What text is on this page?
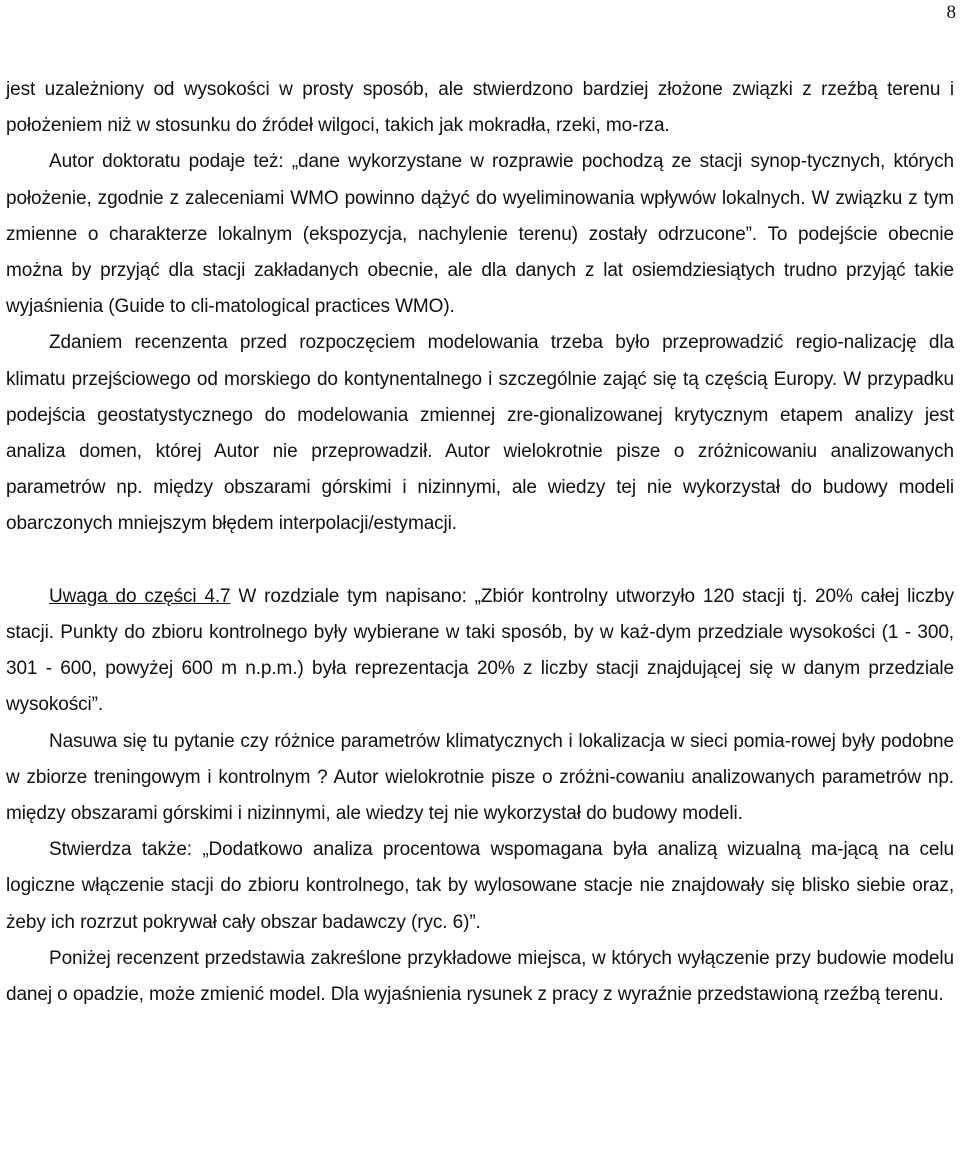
8

jest uzależniony od wysokości w prosty sposób, ale stwierdzono bardziej złożone związki z rzeźbą terenu i położeniem niż w stosunku do źródeł wilgoci, takich jak mokradła, rzeki, mo-rza.

Autor doktoratu podaje też: „dane wykorzystane w rozprawie pochodzą ze stacji synop-tycznych, których położenie, zgodnie z zaleceniami WMO powinno dążyć do wyeliminowania wpływów lokalnych. W związku z tym zmienne o charakterze lokalnym (ekspozycja, nachylenie terenu) zostały odrzucone”. To podejście obecnie można by przyjąć dla stacji zakładanych obecnie, ale dla danych z lat osiemdziesiątych trudno przyjąć takie wyjaśnienia (Guide to cli-matological practices WMO).

Zdaniem recenzenta przed rozpoczęciem modelowania trzeba było przeprowadzić regio-nalizację dla klimatu przejściowego od morskiego do kontynentalnego i szczególnie zająć się tą częścią Europy. W przypadku podejścia geostatystycznego do modelowania zmiennej zre-gionalizowanej krytycznym etapem analizy jest analiza domen, której Autor nie przeprowadził. Autor wielokrotnie pisze o zróżnicowaniu analizowanych parametrów np. między obszarami górskimi i nizinnymi, ale wiedzy tej nie wykorzystał do budowy modeli obarczonych mniejszym błędem interpolacji/estymacji.

Uwaga do części 4.7 W rozdziale tym napisano: „Zbiór kontrolny utworzyło 120 stacji tj. 20% całej liczby stacji. Punkty do zbioru kontrolnego były wybierane w taki sposób, by w każ-dym przedziale wysokości (1 - 300, 301 - 600, powyżej 600 m n.p.m.) była reprezentacja 20% z liczby stacji znajdującej się w danym przedziale wysokości”.

Nasuwa się tu pytanie czy różnice parametrów klimatycznych i lokalizacja w sieci pomia-rowej były podobne w zbiorze treningowym i kontrolnym ? Autor wielokrotnie pisze o zróżni-cowaniu analizowanych parametrów np. między obszarami górskimi i nizinnymi, ale wiedzy tej nie wykorzystał do budowy modeli.

Stwierdza także: „Dodatkowo analiza procentowa wspomagana była analizą wizualną ma-jącą na celu logiczne włączenie stacji do zbioru kontrolnego, tak by wylosowane stacje nie znajdowały się blisko siebie oraz, żeby ich rozrzut pokrywał cały obszar badawczy (ryc. 6)”.

Poniżej recenzent przedstawia zakreślone przykładowe miejsca, w których wyłączenie przy budowie modelu danej o opadzie, może zmienić model. Dla wyjaśnienia rysunek z pracy z wyraźnie przedstawioną rzeźbą terenu.
